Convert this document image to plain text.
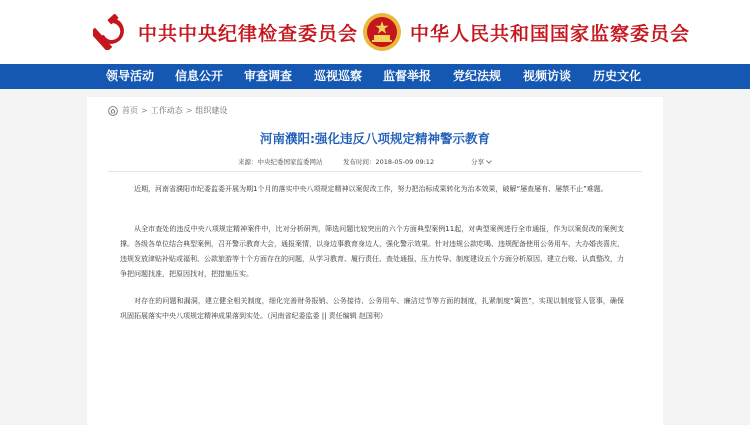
中共中央纪律检查委员会	中华人民共和国国家监察委员会
领导活动 信息公开 审查调查 巡视巡察 监督举报 党纪法规 视频访谈 历史文化
首页 > 工作动态 > 组织建设
河南濮阳:强化违反八项规定精神警示教育
来源：中央纪委国家监委网站	发布时间：2018-05-09 09:12	分享

近期，河南省濮阳市纪委监委开展为期1个月的落实中央八项规定精神以案促改工作，努力把治标成果转化为治本效果，破解“屡查屡有、屡禁不止”难题。

从全市查处的违反中央八项规定精神案件中，比对分析研判，筛选问题比较突出的六个方面典型案例11起，对典型案例进行全市通报，作为以案促改的案例支撑。各级各单位结合典型案例，召开警示教育大会，通报案情，以身边事教育身边人，强化警示效果。针对违规公款吃喝、违规配备使用公务用车、大办婚丧喜庆、违规发放津贴补贴或福利、公款旅游等十个方面存在的问题，从学习教育、履行责任、查处通报、压力传导、制度建设五个方面分析原因、建立台账、认真整改，力争把问题找准，把原因找对，把措施压实。

对存在的问题和漏洞，建立健全相关制度，细化完善财务报销、公务接待、公务用车、廉洁过节等方面的制度，扎紧制度“篱笆”，实现以制度管人管事，确保巩固拓展落实中央八项规定精神成果落到实处。（河南省纪委监委 || 责任编辑 赵国利）
